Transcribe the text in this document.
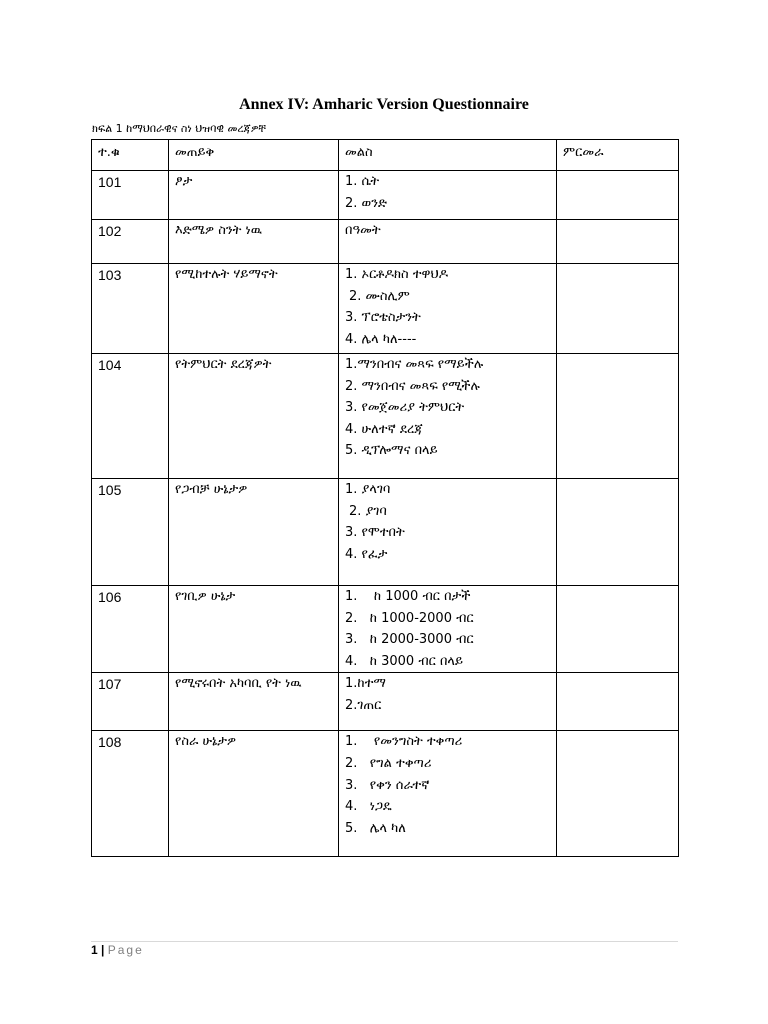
Annex IV: Amharic Version Questionnaire
ክፍል 1 ከማህበራዊና ስነ ህዝባዊ መረጃዎቸ
ተ.ቁ	መጠይቅ	መልስ	ምርመራ
101	ፆታ	1. ሴት
2. ወንድ	

102	እድሜዎ ስንት ነዉ	በዓመት	

103	የሚከተሉት ሃይማኖት	1. ኦርቶዶክስ ተዋህዶ
2. ሙስሊም
3. ፕሮቴስታንት
4. ሌላ ካለ----	

104	የትምህርት ደረጃዎት	1.ማንበብና መጻፍ የማይችሉ
2. ማንበብና መጻፍ የሚችሉ
3. የመጀመሪያ ትምህርት
4. ሁለተኛ ደረጃ
5. ዲፕሎማና በላይ	

105	የጋብቻ ሁኔታዎ	1. ያላገባ
2. ያገባ
3. የሞተበት
4. የፈታ	

106	የገቢዎ ሁኔታ	1.    ከ 1000 ብር በታች
2.   ከ 1000-2000 ብር
3.   ከ 2000-3000 ብር
4.   ከ 3000 ብር በላይ	

107	የሚኖሩበት አካባቢ የት ነዉ	1.ከተማ
2.ገጠር	

108	የስራ ሁኔታዎ	1.    የመንግስት ተቀጣሪ
2.   የግል ተቀጣሪ
3.   የቀን ሰራተኛ
4.   ነጋዴ
5.   ሌላ ካለ	

1 | Page
